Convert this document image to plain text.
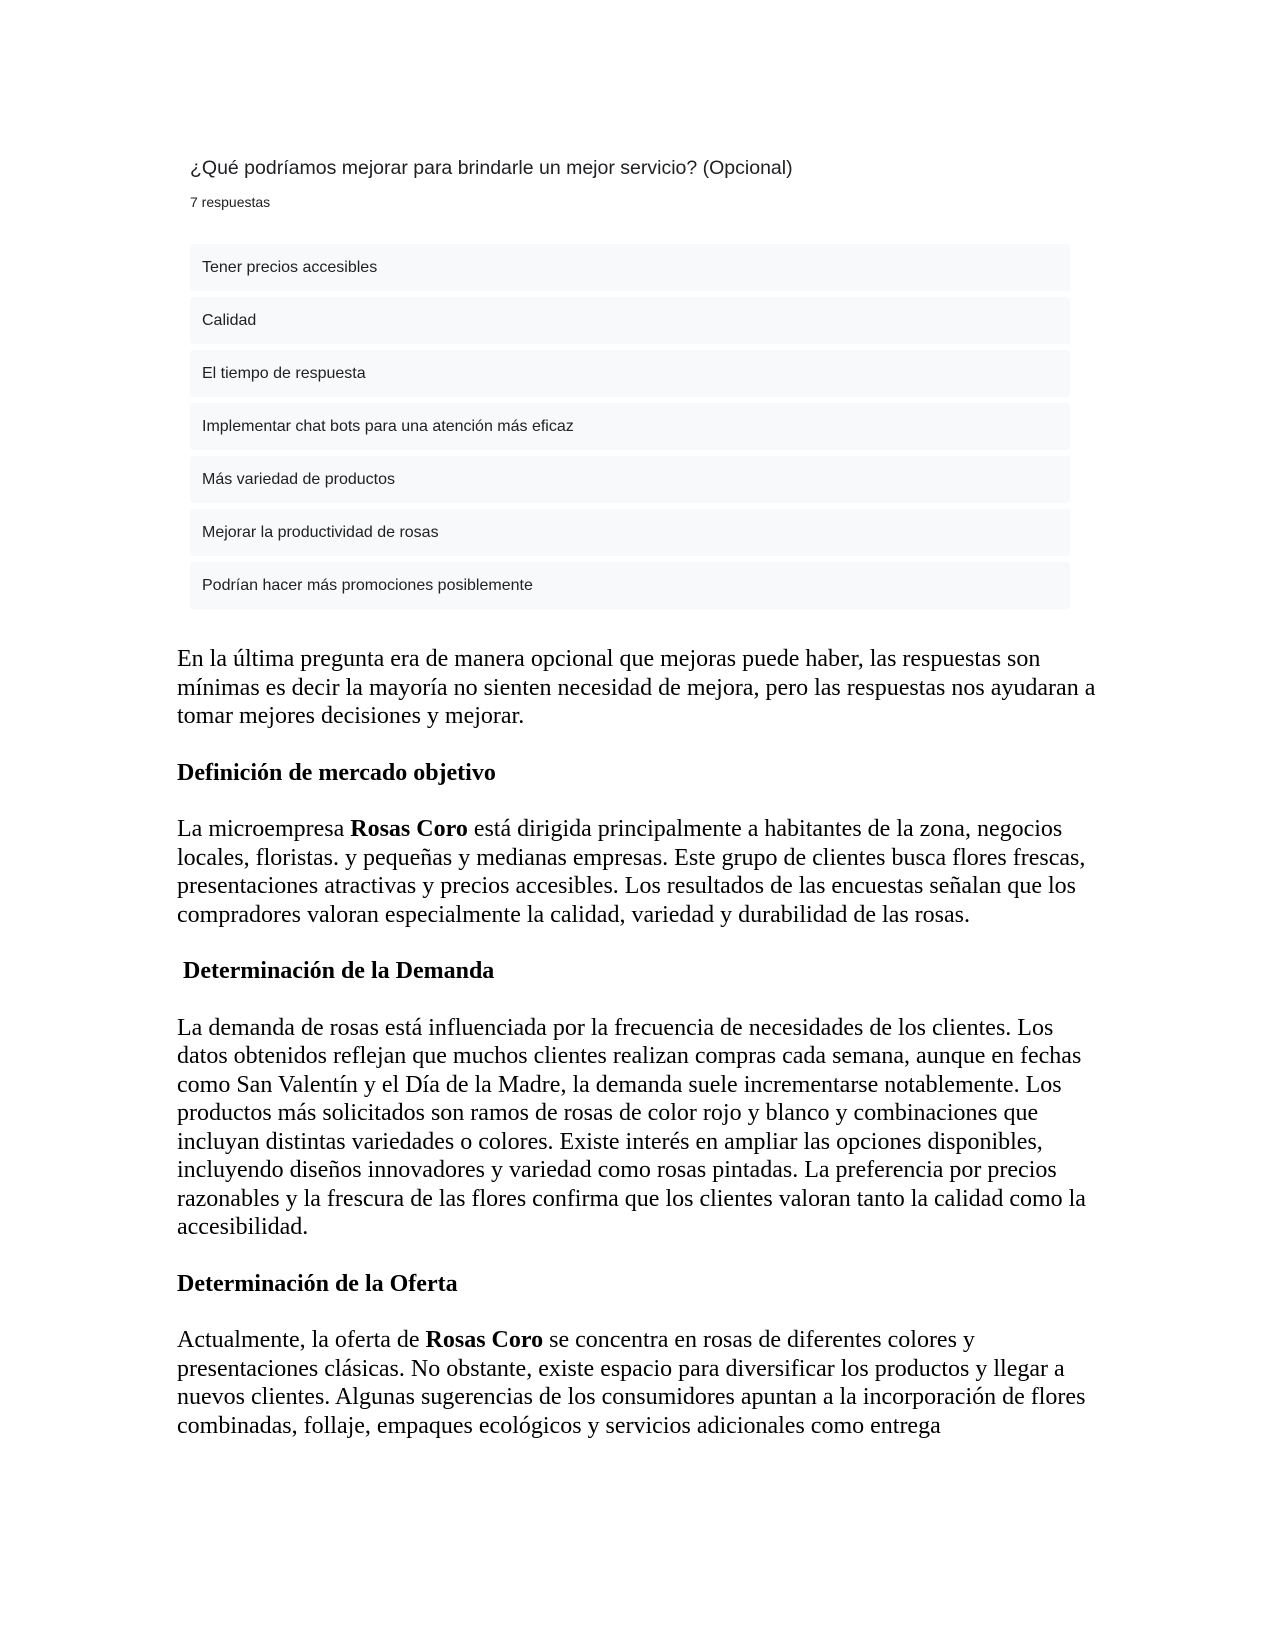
¿Qué podríamos mejorar para brindarle un mejor servicio? (Opcional)

7 respuestas
Tener precios accesibles
Calidad
El tiempo de respuesta
Implementar chat bots para una atención más eficaz
Más variedad de productos
Mejorar la productividad de rosas
Podrían hacer más promociones posiblemente

En la última pregunta era de manera opcional que mejoras puede haber, las respuestas son mínimas es decir la mayoría no sienten necesidad de mejora, pero las respuestas nos ayudaran a tomar mejores decisiones y mejorar.

Definición de mercado objetivo

La microempresa Rosas Coro está dirigida principalmente a habitantes de la zona, negocios locales, floristas. y pequeñas y medianas empresas. Este grupo de clientes busca flores frescas, presentaciones atractivas y precios accesibles. Los resultados de las encuestas señalan que los compradores valoran especialmente la calidad, variedad y durabilidad de las rosas.

Determinación de la Demanda

La demanda de rosas está influenciada por la frecuencia de necesidades de los clientes. Los datos obtenidos reflejan que muchos clientes realizan compras cada semana, aunque en fechas como San Valentín y el Día de la Madre, la demanda suele incrementarse notablemente. Los productos más solicitados son ramos de rosas de color rojo y blanco y combinaciones que incluyan distintas variedades o colores. Existe interés en ampliar las opciones disponibles, incluyendo diseños innovadores y variedad como rosas pintadas. La preferencia por precios razonables y la frescura de las flores confirma que los clientes valoran tanto la calidad como la accesibilidad.

Determinación de la Oferta

Actualmente, la oferta de Rosas Coro se concentra en rosas de diferentes colores y presentaciones clásicas. No obstante, existe espacio para diversificar los productos y llegar a nuevos clientes. Algunas sugerencias de los consumidores apuntan a la incorporación de flores combinadas, follaje, empaques ecológicos y servicios adicionales como entrega
